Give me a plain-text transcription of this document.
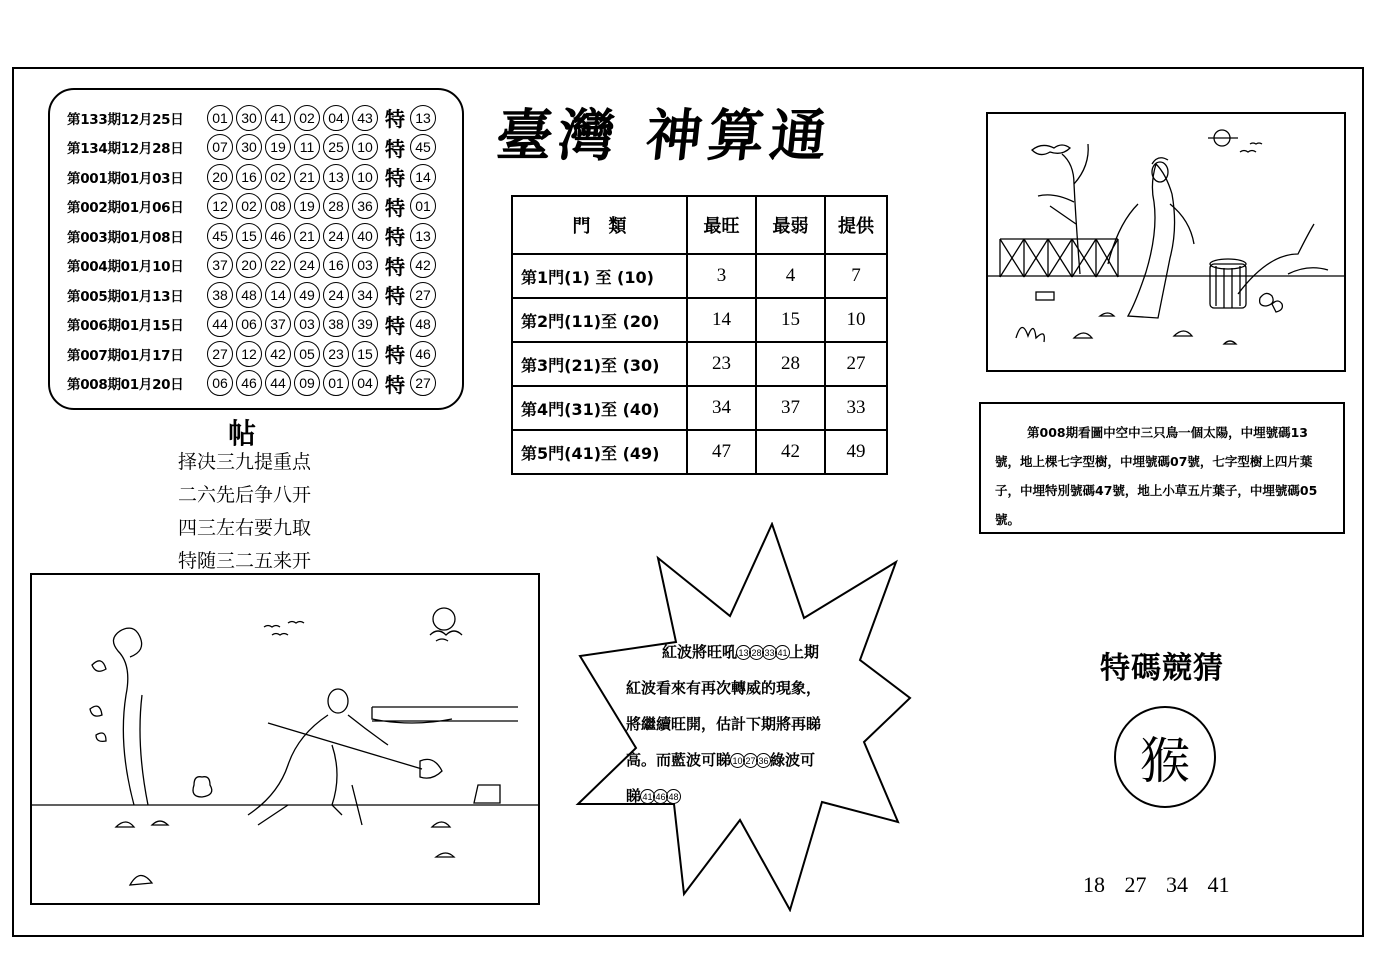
第133期12月25日	01 30 41 02 04 43 特 13
第134期12月28日	07 30 19 11 25 10 特 45
第001期01月03日	20 16 02 21 13 10 特 14
第002期01月06日	12 02 08 19 28 36 特 01
第003期01月08日	45 15 46 21 24 40 特 13
第004期01月10日	37 20 22 24 16 03 特 42
第005期01月13日	38 48 14 49 24 34 特 27
第006期01月15日	44 06 37 03 38 39 特 48
第007期01月17日	27 12 42 05 23 15 特 46
第008期01月20日	06 46 44 09 01 04 特 27
帖
择决三九提重点
二六先后争八开
四三左右要九取
特随三二五来开
臺灣 神算通
門　類	最旺	最弱	提供
第1門(1) 至 (10)	3	4	7
第2門(11)至 (20)	14	15	10
第3門(21)至 (30)	23	28	27
第4門(31)至 (40)	34	37	33
第5門(41)至 (49)	47	42	49
第008期看圖中空中三只鳥一個太陽，中埋號碼13號，地上棵七字型樹，中埋號碼07號，七字型樹上四片葉子，中埋特別號碼47號，地上小草五片葉子，中埋號碼05號。
紅波將旺吼13 28 33 41 上期
紅波看來有再次轉威的現象，
將繼續旺開，估計下期將再睇
高。而藍波可睇10 27 36 綠波可
睇41 46 48
特碼競猜
猴
18 27 34 41
